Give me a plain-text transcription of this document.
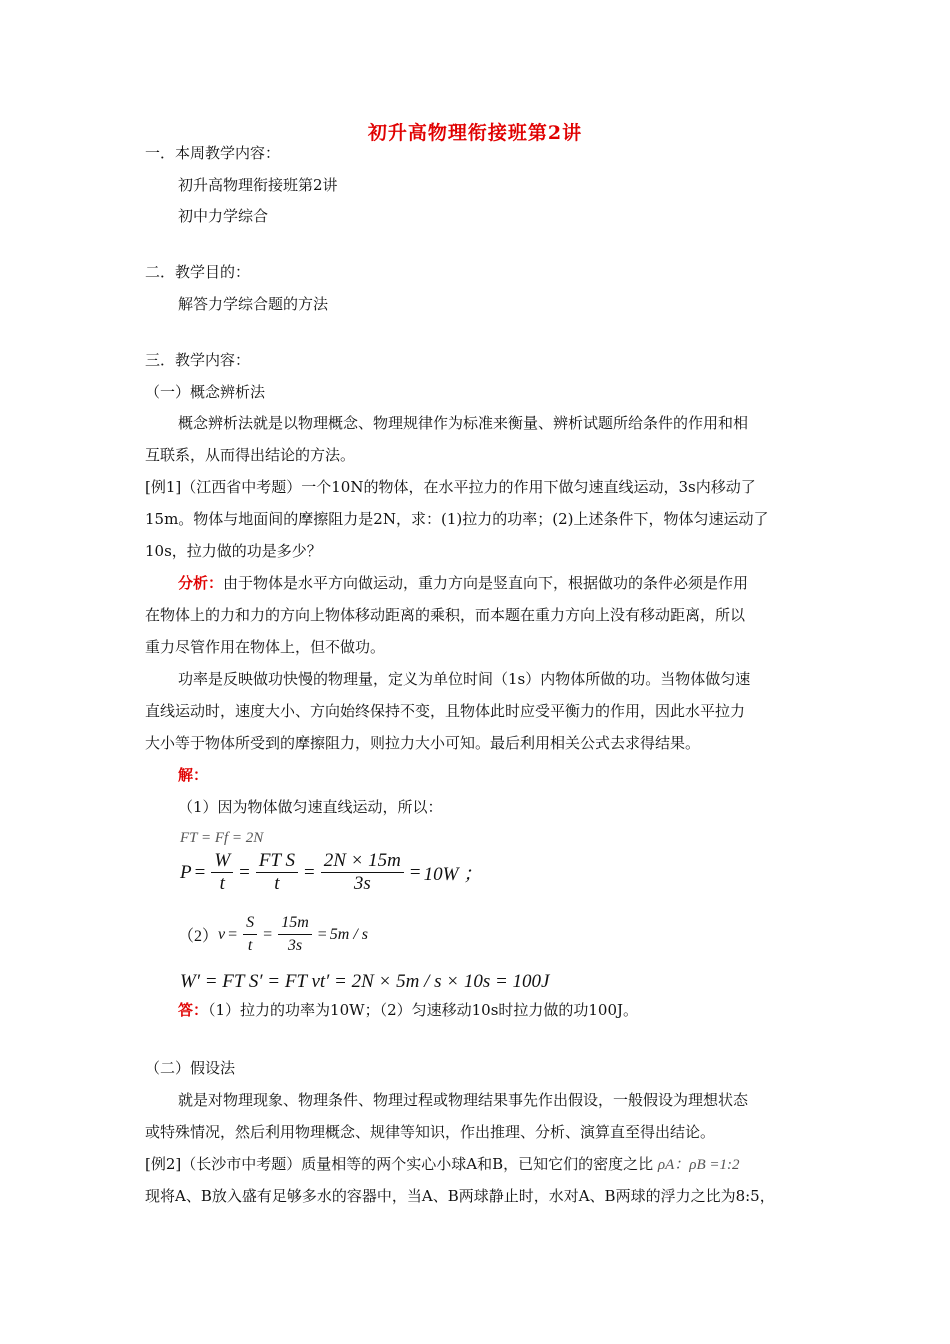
初升高物理衔接班第2讲
一．本周教学内容：
初升高物理衔接班第2讲
初中力学综合
二．教学目的：
解答力学综合题的方法
三．教学内容：
（一）概念辨析法
概念辨析法就是以物理概念、物理规律作为标准来衡量、辨析试题所给条件的作用和相
互联系，从而得出结论的方法。
[例1]（江西省中考题）一个10N的物体，在水平拉力的作用下做匀速直线运动，3s内移动了
15m。物体与地面间的摩擦阻力是2N，求：(1)拉力的功率；(2)上述条件下，物体匀速运动了
10s，拉力做的功是多少？
分析：由于物体是水平方向做运动，重力方向是竖直向下，根据做功的条件必须是作用
在物体上的力和力的方向上物体移动距离的乘积，而本题在重力方向上没有移动距离，所以
重力尽管作用在物体上，但不做功。
功率是反映做功快慢的物理量，定义为单位时间（1s）内物体所做的功。当物体做匀速
直线运动时，速度大小、方向始终保持不变，且物体此时应受平衡力的作用，因此水平拉力
大小等于物体所受到的摩擦阻力，则拉力大小可知。最后利用相关公式去求得结果。
解：
（1）因为物体做匀速直线运动，所以：
FT = Ff = 2N
$P = \frac{W}{t} = \frac{\text{FT S}}{t} = \frac{2N \times 15m}{3s} = 10W$ ；
（2） $v = \frac{S}{t} = \frac{15m}{3s} = 5m / s$
W′ = FT S′ = FT vt′ = 2N × 5m / s × 10s = 100J
答：（1）拉力的功率为10W；（2）匀速移动10s时拉力做的功100J。
（二）假设法
就是对物理现象、物理条件、物理过程或物理结果事先作出假设，一般假设为理想状态
或特殊情况，然后利用物理概念、规律等知识，作出推理、分析、演算直至得出结论。
[例2]（长沙市中考题）质量相等的两个实心小球A和B，已知它们的密度之比 ρA：ρB =1:2
现将A、B放入盛有足够多水的容器中，当A、B两球静止时，水对A、B两球的浮力之比为8:5，
